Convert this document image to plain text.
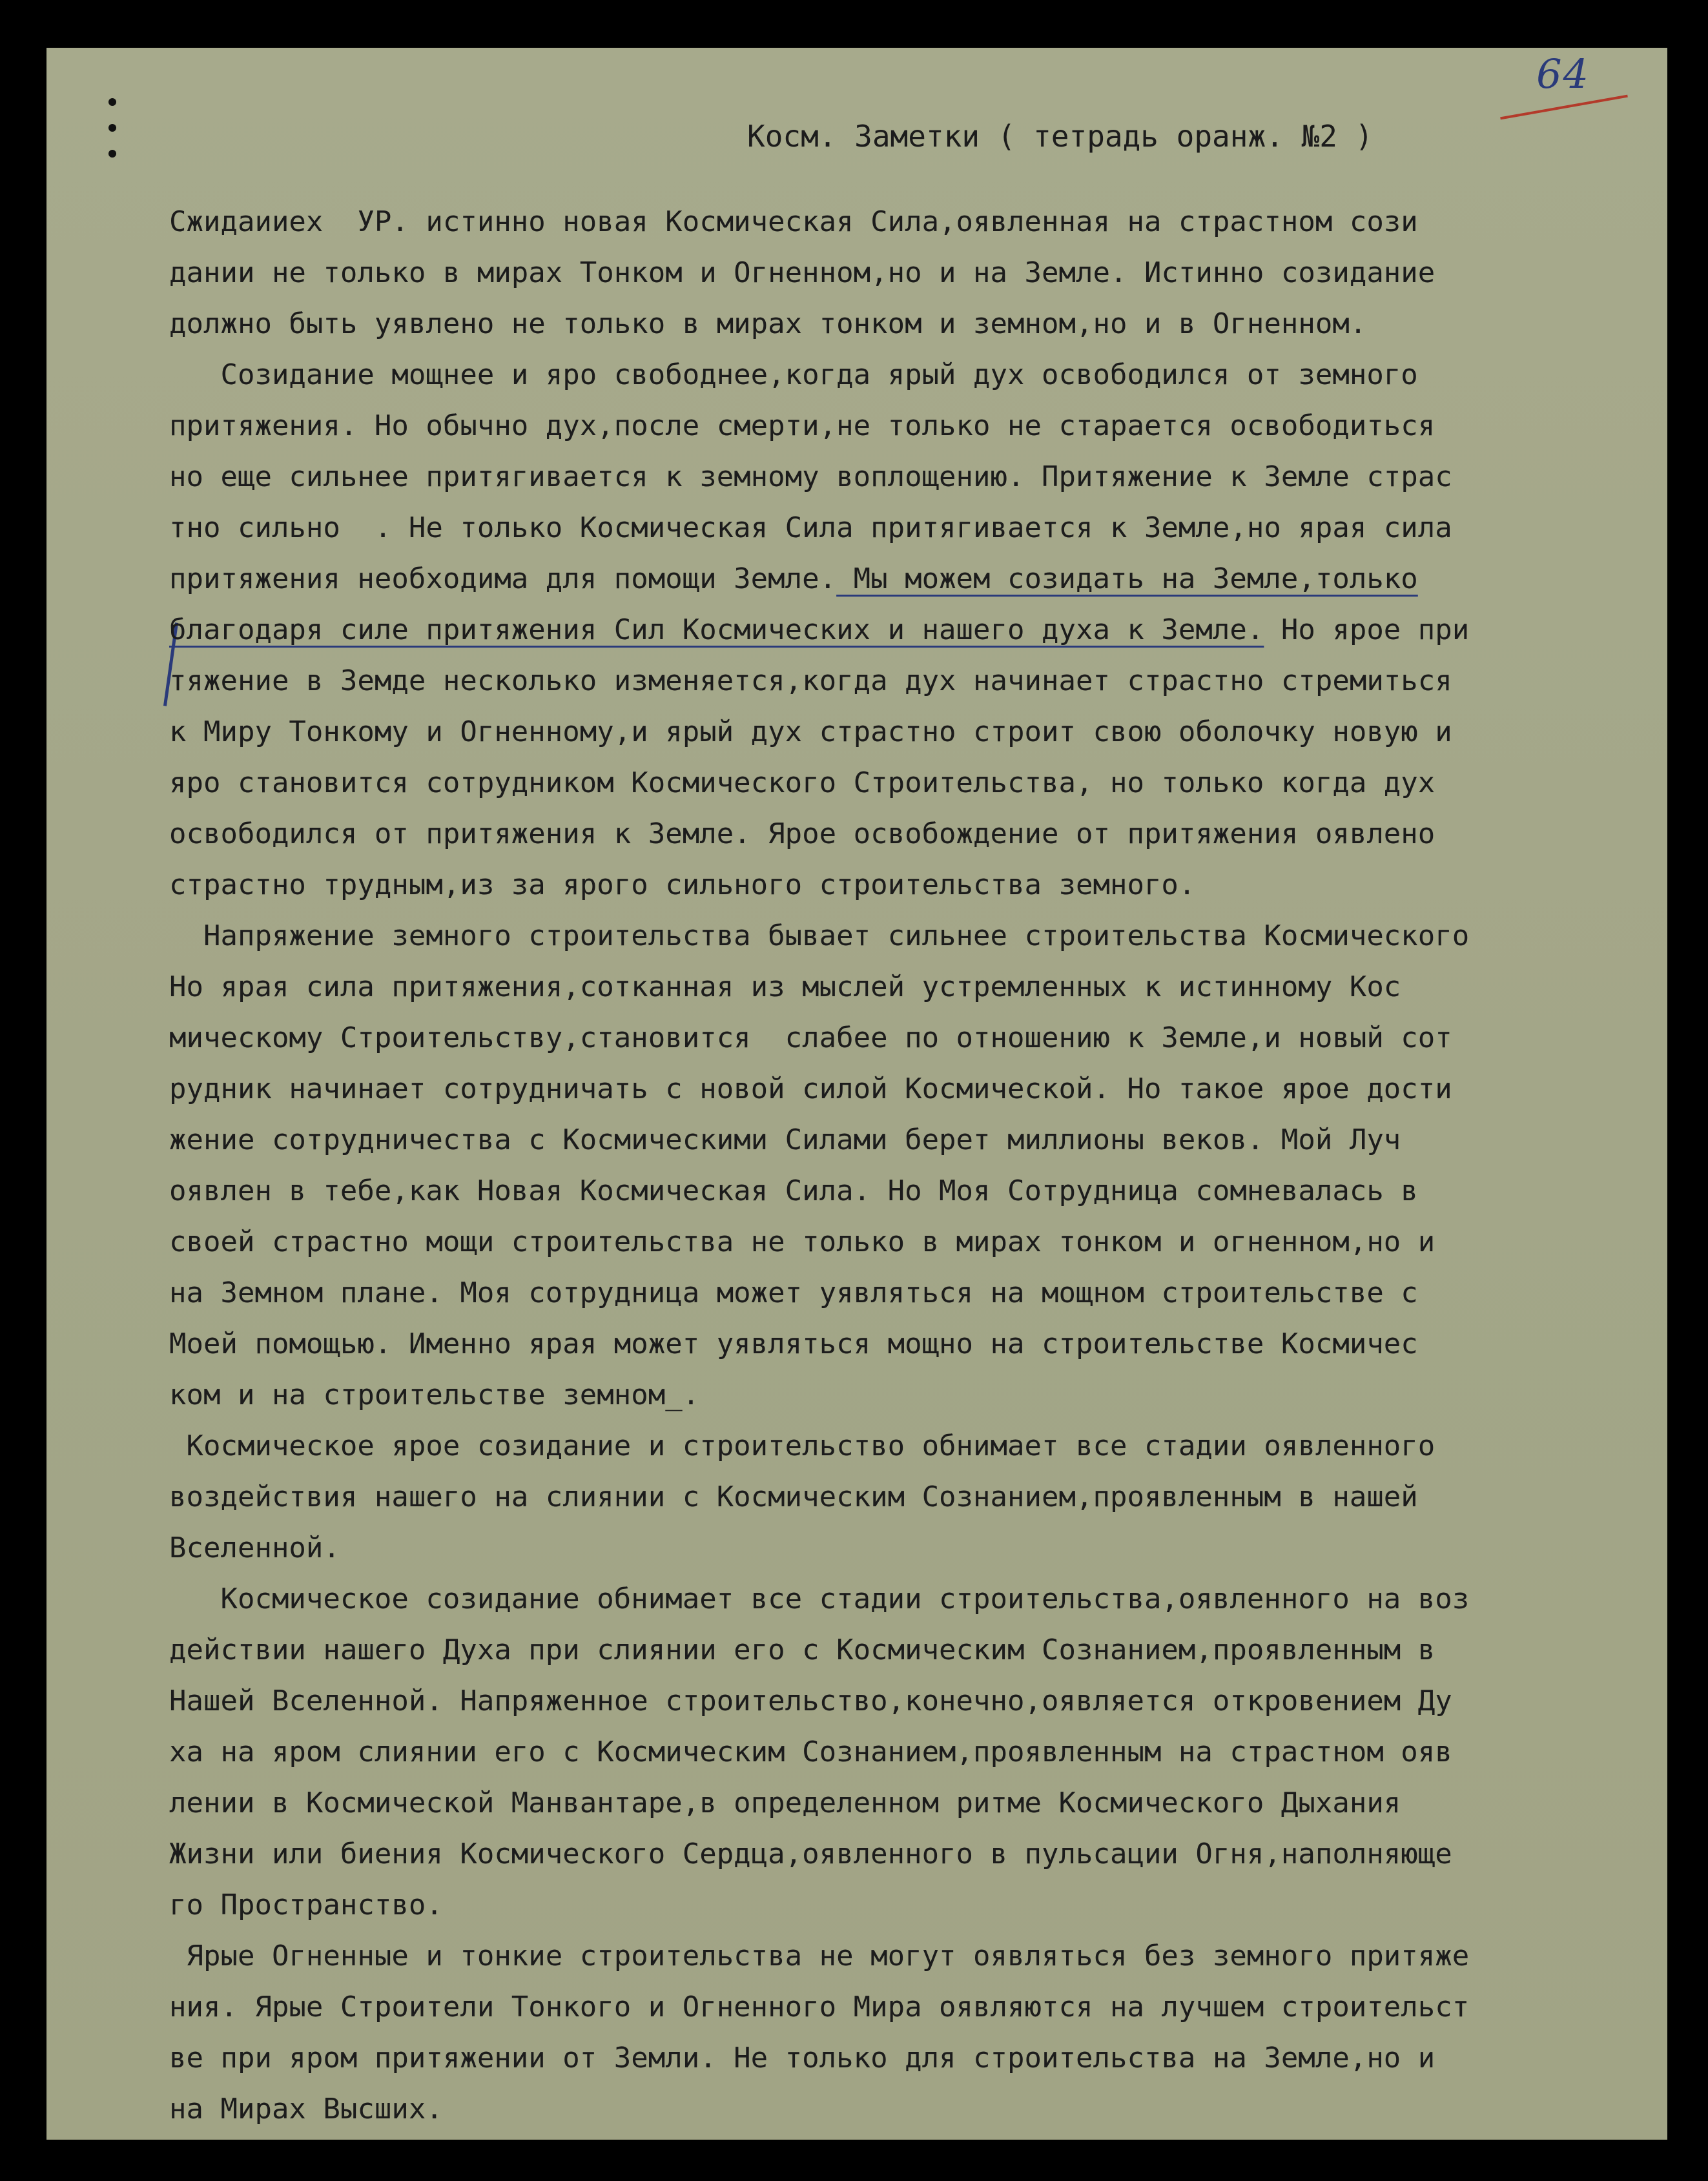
64
Косм. Заметки ( тетрадь оранж. №2 )

Сжидаииех  УР. истинно новая Космическая Сила,оявленная на страстном сози

дании не только в мирах Тонком и Огненном,но и на Земле. Истинно созидание

должно быть уявлено не только в мирах тонком и земном,но и в Огненном.

Созидание мощнее и яро свободнее,когда ярый дух освободился от земного

притяжения. Но обычно дух,после смерти,не только не старается освободиться

но еще сильнее притягивается к земному воплощению. Притяжение к Земле страс

тно сильно  . Не только Космическая Сила притягивается к Земле,но ярая сила

притяжения необходима для помощи Земле. Мы можем созидать на Земле,только

благодаря силе притяжения Сил Космических и нашего духа к Земле. Но ярое при

тяжение в Земде несколько изменяется,когда дух начинает страстно стремиться

к Миру Тонкому и Огненному,и ярый дух страстно строит свою оболочку новую и

яро становится сотрудником Космического Строительства, но только когда дух

освободился от притяжения к Земле. Ярое освобождение от притяжения оявлено

страстно трудным,из за ярого сильного строительства земного.

Напряжение земного строительства бывает сильнее строительства Космического

Но ярая сила притяжения,сотканная из мыслей устремленных к истинному Кос

мическому Строительству,становится  слабее по отношению к Земле,и новый сот

рудник начинает сотрудничать с новой силой Космической. Но такое ярое дости

жение сотрудничества с Космическими Силами берет миллионы веков. Мой Луч

оявлен в тебе,как Новая Космическая Сила. Но Моя Сотрудница сомневалась в

своей страстно мощи строительства не только в мирах тонком и огненном,но и

на Земном плане. Моя сотрудница может уявляться на мощном строительстве с

Моей помощью. Именно ярая может уявляться мощно на строительстве Космичес

ком и на строительстве земном_.

Космическое ярое созидание и строительство обнимает все стадии оявленного

воздействия нашего на слиянии с Космическим Сознанием,проявленным в нашей

Вселенной.

Космическое созидание обнимает все стадии строительства,оявленного на воз

действии нашего Духа при слиянии его с Космическим Сознанием,проявленным в

Нашей Вселенной. Напряженное строительство,конечно,оявляется откровением Ду

ха на яром слиянии его с Космическим Сознанием,проявленным на страстном ояв

лении в Космической Манвантаре,в определенном ритме Космического Дыхания

Жизни или биения Космического Сердца,оявленного в пульсации Огня,наполняюще

го Пространство.

Ярые Огненные и тонкие строительства не могут оявляться без земного притяже

ния. Ярые Строители Тонкого и Огненного Мира оявляются на лучшем строительст

ве при яром притяжении от Земли. Не только для строительства на Земле,но и

на Мирах Высших.
